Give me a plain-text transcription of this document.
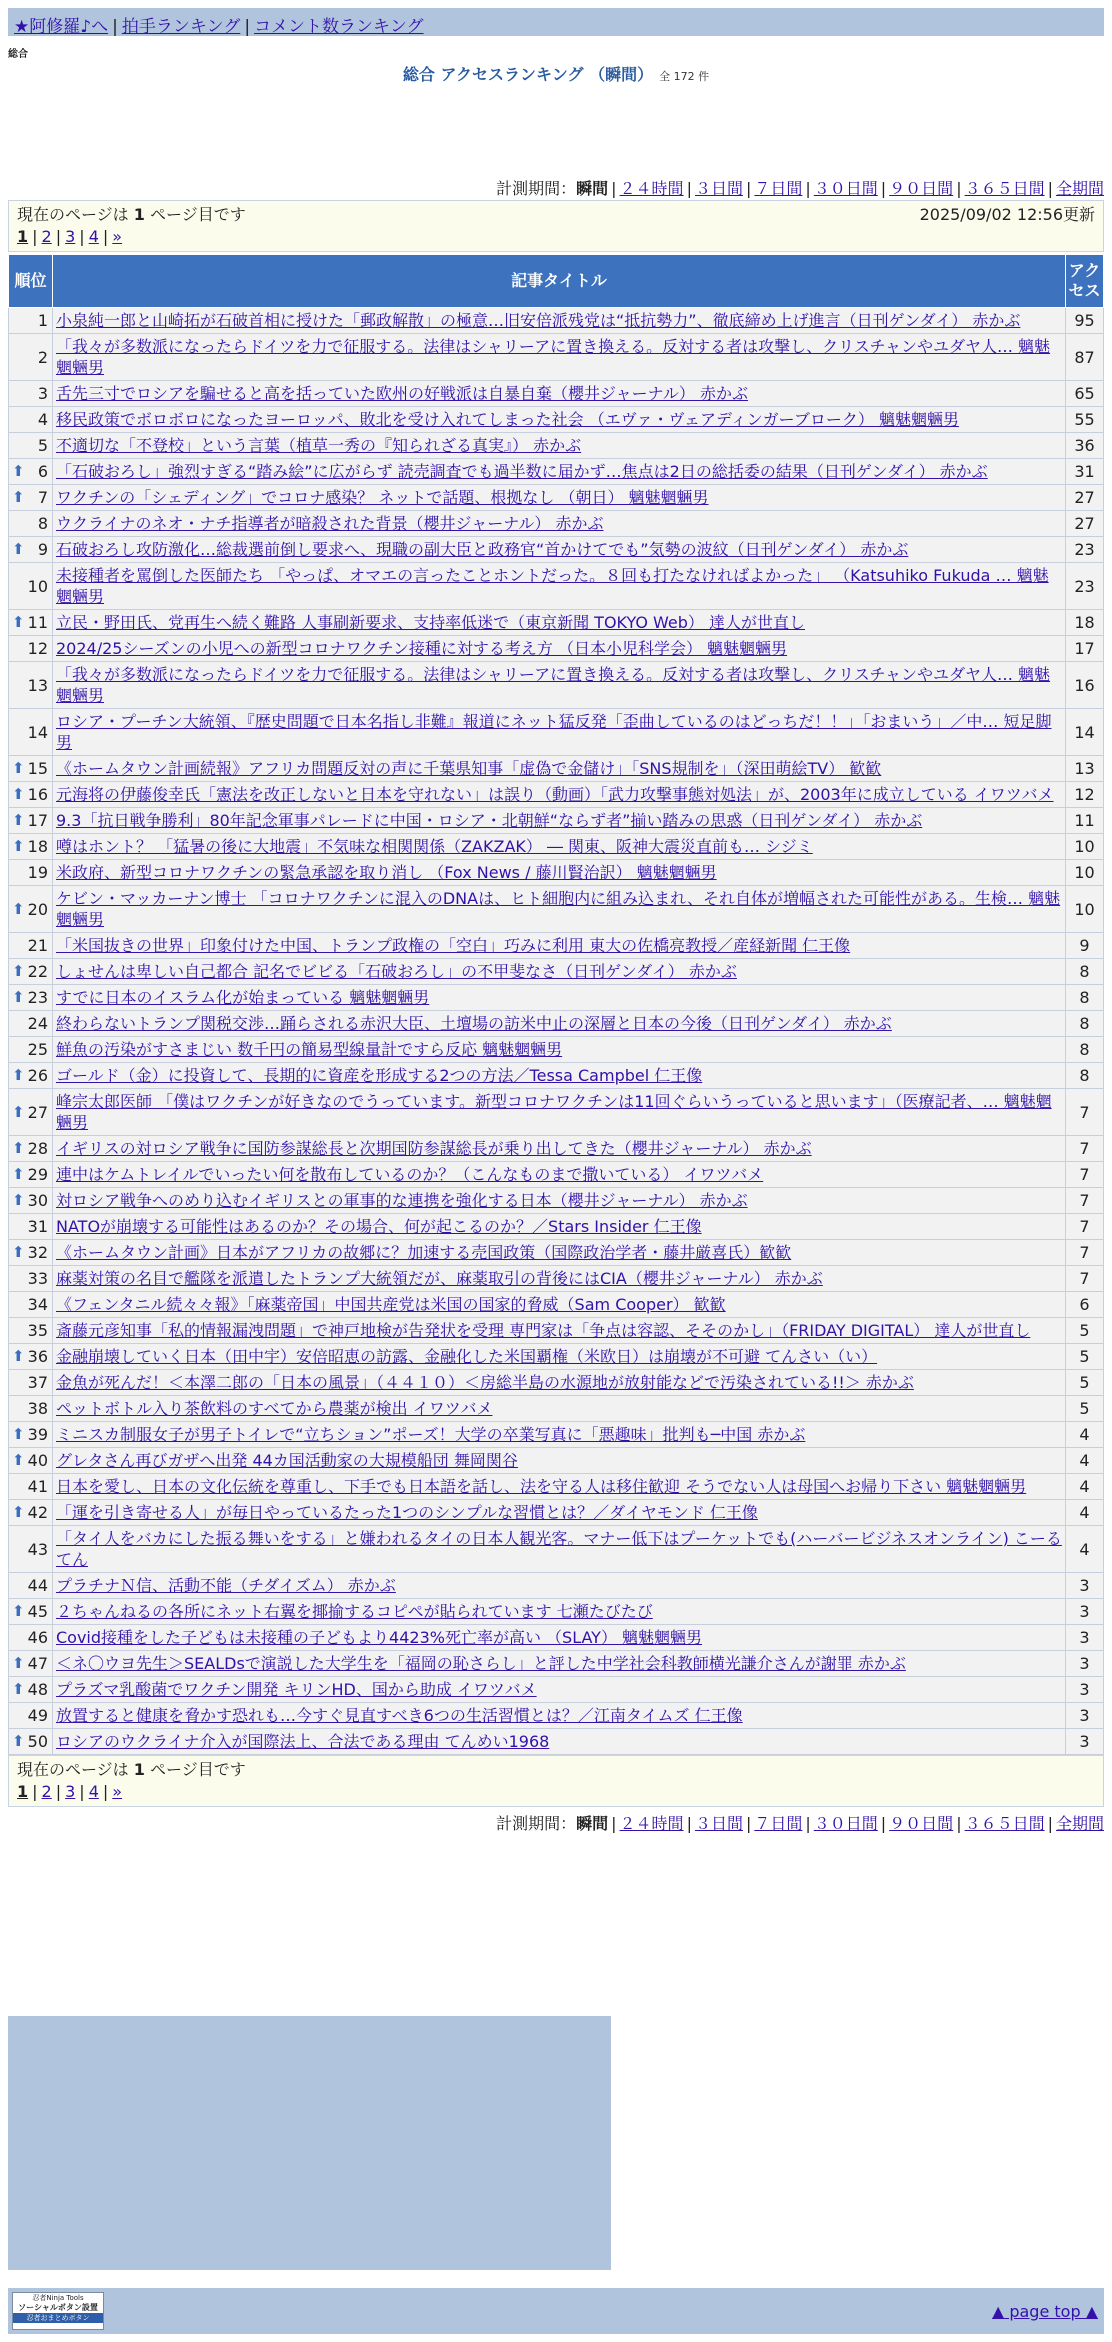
★阿修羅♪へ | 拍手ランキング | コメント数ランキング
総合
総合 アクセスランキング （瞬間） 全 172 件
計測期間：瞬間 | ２４時間 | ３日間 | ７日間 | ３０日間 | ９０日間 | ３６５日間 | 全期間
現在のページは 1 ページ目です	2025/09/02 12:56更新
1 | 2 | 3 | 4 | »
順位	記事タイトル	アクセス
1	小泉純一郎と山崎拓が石破首相に授けた「郵政解散」の極意…旧安倍派残党は“抵抗勢力”、徹底締め上げ進言（日刊ゲンダイ） 赤かぶ	95
2	「我々が多数派になったらドイツを力で征服する。法律はシャリーアに置き換える。反対する者は攻撃し、クリスチャンやユダヤ人… 魑魅魍魎男	87
3	舌先三寸でロシアを騙せると高を括っていた欧州の好戦派は自暴自棄（櫻井ジャーナル） 赤かぶ	65
4	移民政策でボロボロになったヨーロッパ、敗北を受け入れてしまった社会 （エヴァ・ヴェアディンガーブローク） 魑魅魍魎男	55
5	不適切な「不登校」という言葉（植草一秀の『知られざる真実』） 赤かぶ	36

⬆ 6	「石破おろし」強烈すぎる“踏み絵”に広がらず 読売調査でも過半数に届かず…焦点は2日の総括委の結果（日刊ゲンダイ） 赤かぶ	31

⬆ 7	ワクチンの「シェディング」でコロナ感染？ ネットで話題、根拠なし （朝日） 魑魅魍魎男	27
8	ウクライナのネオ・ナチ指導者が暗殺された背景（櫻井ジャーナル） 赤かぶ	27

⬆ 9	石破おろし攻防激化…総裁選前倒し要求へ、現職の副大臣と政務官“首かけてでも”気勢の波紋（日刊ゲンダイ） 赤かぶ	23
10	未接種者を罵倒した医師たち 「やっぱ、オマエの言ったことホントだった。８回も打たなければよかった」 （Katsuhiko Fukuda … 魑魅魍魎男	23

⬆ 11	立民・野田氏、党再生へ続く難路 人事刷新要求、支持率低迷で（東京新聞 TOKYO Web） 達人が世直し	18
12	2024/25シーズンの小児への新型コロナワクチン接種に対する考え方 （日本小児科学会） 魑魅魍魎男	17
13	「我々が多数派になったらドイツを力で征服する。法律はシャリーアに置き換える。反対する者は攻撃し、クリスチャンやユダヤ人… 魑魅魍魎男	16
14	ロシア・プーチン大統領、『歴史問題で日本名指し非難』報道にネット猛反発「歪曲しているのはどっちだ！！」「おまいう」／中… 短足脚男	14

⬆ 15	《ホームタウン計画続報》アフリカ問題反対の声に千葉県知事「虚偽で金儲け」「SNS規制を」（深田萌絵TV） 歓歓	13

⬆ 16	元海将の伊藤俊幸氏「憲法を改正しないと日本を守れない」は誤り（動画）「武力攻撃事態対処法」が、2003年に成立している イワツバメ	12

⬆ 17	9.3「抗日戦争勝利」80年記念軍事パレードに中国・ロシア・北朝鮮“ならず者”揃い踏みの思惑（日刊ゲンダイ） 赤かぶ	11

⬆ 18	噂はホント？ 「猛暑の後に大地震」不気味な相関関係（ZAKZAK） ― 関東、阪神大震災直前も… シジミ	10
19	米政府、新型コロナワクチンの緊急承認を取り消し （Fox News / 藤川賢治訳） 魑魅魍魎男	10

⬆ 20	ケビン・マッカーナン博士 「コロナワクチンに混入のDNAは、ヒト細胞内に組み込まれ、それ自体が増幅された可能性がある。生検… 魑魅魍魎男	10
21	「米国抜きの世界」印象付けた中国、トランプ政権の「空白」巧みに利用 東大の佐橋亮教授／産経新聞 仁王像	9

⬆ 22	しょせんは卑しい自己都合 記名でビビる「石破おろし」の不甲斐なさ（日刊ゲンダイ） 赤かぶ	8

⬆ 23	すでに日本のイスラム化が始まっている 魑魅魍魎男	8
24	終わらないトランプ関税交渉…踊らされる赤沢大臣、土壇場の訪米中止の深層と日本の今後（日刊ゲンダイ） 赤かぶ	8
25	鮮魚の汚染がすさまじい 数千円の簡易型線量計ですら反応 魑魅魍魎男	8

⬆ 26	ゴールド（金）に投資して、長期的に資産を形成する2つの方法／Tessa Campbel 仁王像	8

⬆ 27	峰宗太郎医師 「僕はワクチンが好きなのでうっています。新型コロナワクチンは11回ぐらいうっていると思います」（医療記者、… 魑魅魍魎男	7

⬆ 28	イギリスの対ロシア戦争に国防参謀総長と次期国防参謀総長が乗り出してきた（櫻井ジャーナル） 赤かぶ	7

⬆ 29	連中はケムトレイルでいったい何を散布しているのか？（こんなものまで撒いている） イワツバメ	7

⬆ 30	対ロシア戦争へのめり込むイギリスとの軍事的な連携を強化する日本（櫻井ジャーナル） 赤かぶ	7
31	NATOが崩壊する可能性はあるのか？その場合、何が起こるのか？／Stars Insider 仁王像	7

⬆ 32	《ホームタウン計画》日本がアフリカの故郷に？加速する売国政策（国際政治学者・藤井厳喜氏）歓歓	7
33	麻薬対策の名目で艦隊を派遣したトランプ大統領だが、麻薬取引の背後にはCIA（櫻井ジャーナル） 赤かぶ	7
34	《フェンタニル続々々報》「麻薬帝国」中国共産党は米国の国家的脅威（Sam Cooper） 歓歓	6
35	斎藤元彦知事「私的情報漏洩問題」で神戸地検が告発状を受理 専門家は「争点は容認、そそのかし」（FRIDAY DIGITAL） 達人が世直し	5

⬆ 36	金融崩壊していく日本（田中宇）安倍昭恵の訪露、金融化した米国覇権（米欧日）は崩壊が不可避 てんさい（い）	5
37	金魚が死んだ！＜本澤二郎の「日本の風景」（４４１０）＜房総半島の水源地が放射能などで汚染されている!!＞ 赤かぶ	5
38	ペットボトル入り茶飲料のすべてから農薬が検出 イワツバメ	5

⬆ 39	ミニスカ制服女子が男子トイレで“立ちション”ポーズ！大学の卒業写真に「悪趣味」批判も─中国 赤かぶ	4

⬆ 40	グレタさん再びガザへ出発 44カ国活動家の大規模船団 舞岡関谷	4
41	日本を愛し、日本の文化伝統を尊重し、下手でも日本語を話し、法を守る人は移住歓迎 そうでない人は母国へお帰り下さい 魑魅魍魎男	4

⬆ 42	「運を引き寄せる人」が毎日やっているたった1つのシンプルな習慣とは？／ダイヤモンド 仁王像	4
43	「タイ人をバカにした振る舞いをする」と嫌われるタイの日本人観光客。マナー低下はプーケットでも(ハーバービジネスオンライン) こーるてん	4
44	プラチナＮ信、活動不能（チダイズム） 赤かぶ	3

⬆ 45	２ちゃんねるの各所にネット右翼を揶揄するコピペが貼られています 七瀬たびたび	3
46	Covid接種をした子どもは未接種の子どもより4423%死亡率が高い （SLAY） 魑魅魍魎男	3

⬆ 47	＜ネ〇ウヨ先生＞SEALDsで演説した大学生を「福岡の恥さらし」と評した中学社会科教師横光謙介さんが謝罪 赤かぶ	3

⬆ 48	プラズマ乳酸菌でワクチン開発 キリンHD、国から助成 イワツバメ	3
49	放置すると健康を脅かす恐れも…今すぐ見直すべき6つの生活習慣とは？／江南タイムズ 仁王像	3

⬆ 50	ロシアのウクライナ介入が国際法上、合法である理由 てんめい1968	3
現在のページは 1 ページ目です
1 | 2 | 3 | 4 | »
計測期間：瞬間 | ２４時間 | ３日間 | ７日間 | ３０日間 | ９０日間 | ３６５日間 | 全期間
忍者Ninja Tools
ソーシャルボタン設置
忍者おまとめボタン	▲ page top ▲
